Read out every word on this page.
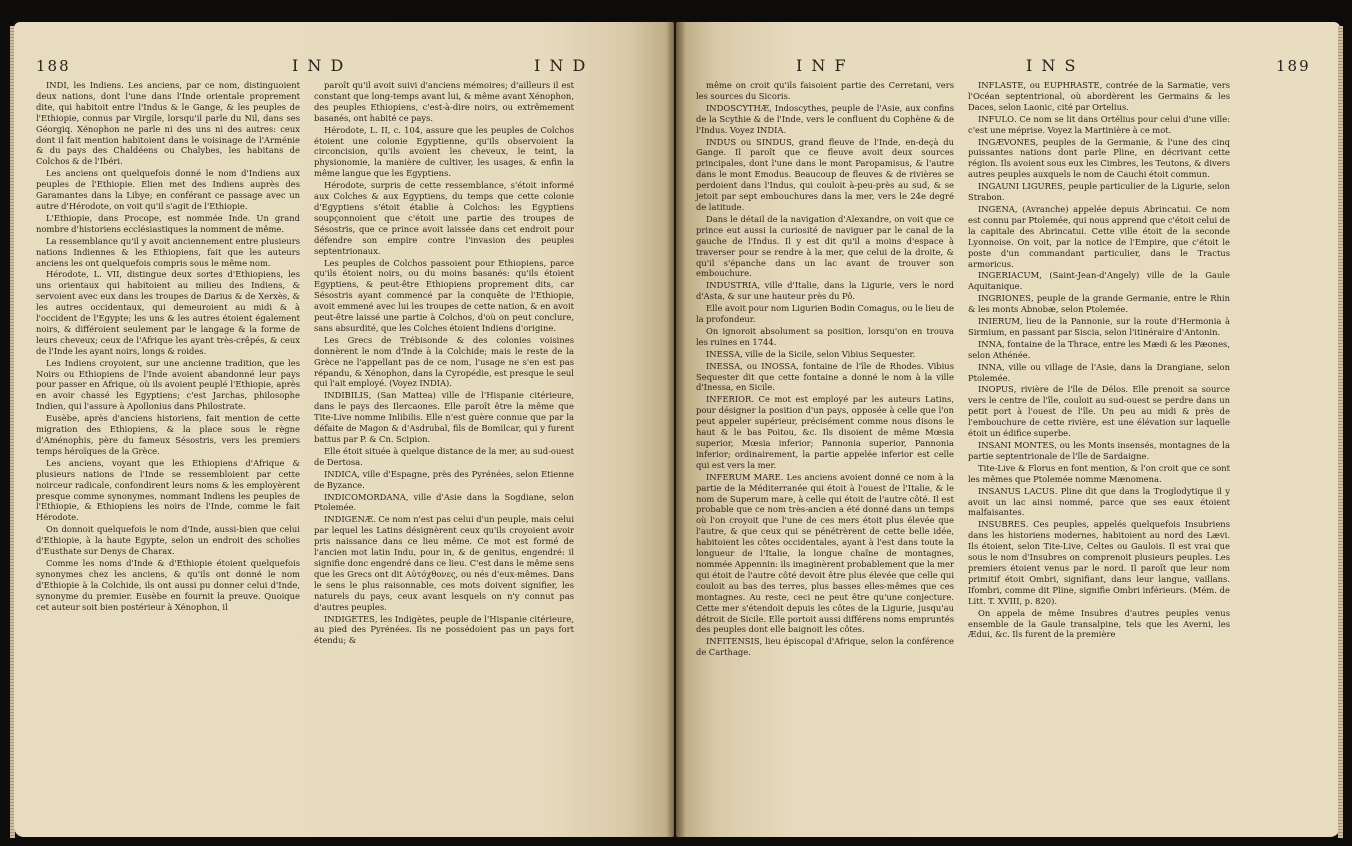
188	I N D	I N D

INDI, les Indiens. Les anciens, par ce nom, distinguoient deux nations, dont l'une dans l'Inde orientale proprement dite, qui habitoit entre l'Indus & le Gange, & les peuples de l'Ethiopie, connus par Virgile, lorsqu'il parle du Nil, dans ses Géorgiq. Xénophon ne parle ni des uns ni des autres: ceux dont il fait mention habitoient dans le voisinage de l'Arménie & du pays des Chaldéens ou Chalybes, les habitans de Colchos & de l'Ibéri.

Les anciens ont quelquefois donné le nom d'Indiens aux peuples de l'Ethiopie. Elien met des Indiens auprès des Garamantes dans la Libye; en conférant ce passage avec un autre d'Hérodote, on voit qu'il s'agit de l'Ethiopie.

L'Ethiopie, dans Procope, est nommée Inde. Un grand nombre d'historiens ecclésiastiques la nomment de même.

La ressemblance qu'il y avoit anciennement entre plusieurs nations Indiennes & les Ethiopiens, fait que les auteurs anciens les ont quelquefois compris sous le même nom.

Hérodote, L. VII, distingue deux sortes d'Ethiopiens, les uns orientaux qui habitoient au milieu des Indiens, & servoient avec eux dans les troupes de Darius & de Xerxès, & les autres occidentaux, qui demeuroient au midi & à l'occident de l'Egypte; les uns & les autres étoient également noirs, & différoient seulement par le langage & la forme de leurs cheveux; ceux de l'Afrique les ayant très-crêpés, & ceux de l'Inde les ayant noirs, longs & roides.

Les Indiens croyoient, sur une ancienne tradition, que les Noirs ou Ethiopiens de l'Inde avoient abandonné leur pays pour passer en Afrique, où ils avoient peuplé l'Ethiopie, après en avoir chassé les Egyptiens; c'est Jarchas, philosophe Indien, qui l'assure à Apollonius dans Philostrate.

Eusèbe, après d'anciens historiens, fait mention de cette migration des Ethiopiens, & la place sous le règne d'Aménophis, père du fameux Sésostris, vers les premiers temps héroïques de la Grèce.

Les anciens, voyant que les Ethiopiens d'Afrique & plusieurs nations de l'Inde se ressembloient par cette noirceur radicale, confondirent leurs noms & les employèrent presque comme synonymes, nommant Indiens les peuples de l'Ethiopie, & Ethiopiens les noirs de l'Inde, comme le fait Hérodote.

On donnoit quelquefois le nom d'Inde, aussi-bien que celui d'Ethiopie, à la haute Egypte, selon un endroit des scholies d'Eusthate sur Denys de Charax.

Comme les noms d'Inde & d'Ethiopie étoient quelquefois synonymes chez les anciens, & qu'ils ont donné le nom d'Ethiopie à la Colchide, ils ont aussi pu donner celui d'Inde, synonyme du premier. Eusèbe en fournit la preuve. Quoique cet auteur soit bien postérieur à Xénophon, il

paroît qu'il avoit suivi d'anciens mémoires; d'ailleurs il est constant que long-temps avant lui, & même avant Xénophon, des peuples Ethiopiens, c'est-à-dire noirs, ou extrêmement basanés, ont habité ce pays.

Hérodote, L. II, c. 104, assure que les peuples de Colchos étoient une colonie Egyptienne, qu'ils observoient la circoncision, qu'ils avoient les cheveux, le teint, la physionomie, la manière de cultiver, les usages, & enfin la même langue que les Egyptiens.

Hérodote, surpris de cette ressemblance, s'étoit informé aux Colches & aux Egyptiens, du temps que cette colonie d'Egyptiens s'étoit établie à Colchos: les Egyptiens soupçonnoient que c'étoit une partie des troupes de Sésostris, que ce prince avoit laissée dans cet endroit pour défendre son empire contre l'invasion des peuples septentrionaux.

Les peuples de Colchos passoient pour Ethiopiens, parce qu'ils étoient noirs, ou du moins basanés: qu'ils étoient Egyptiens, & peut-être Ethiopiens proprement dits, car Sésostris ayant commencé par la conquête de l'Ethiopie, avoit emmené avec lui les troupes de cette nation, & en avoit peut-être laissé une partie à Colchos, d'où on peut conclure, sans absurdité, que les Colches étoient Indiens d'origine.

Les Grecs de Trébisonde & des colonies voisines donnèrent le nom d'Inde à la Colchide; mais le reste de la Grèce ne l'appellant pas de ce nom, l'usage ne s'en est pas répandu, & Xénophon, dans la Cyropédie, est presque le seul qui l'ait employé. (Voyez INDIA).

INDIBILIS, (San Mattea) ville de l'Hispanie citérieure, dans le pays des Ilercaones. Elle paroît être la même que Tite-Live nomme Inlibilis. Elle n'est guère connue que par la défaite de Magon & d'Asdrubal, fils de Bomilcar, qui y furent battus par P. & Cn. Scipion.

Elle étoit située à quelque distance de la mer, au sud-ouest de Dertosa.

INDICA, ville d'Espagne, près des Pyrénées, selon Etienne de Byzance.

INDICOMORDANA, ville d'Asie dans la Sogdiane, selon Ptolemée.

INDIGENÆ. Ce nom n'est pas celui d'un peuple, mais celui par lequel les Latins désignèrent ceux qu'ils croyoient avoir pris naissance dans ce lieu même. Ce mot est formé de l'ancien mot latin Indu, pour in, & de genitus, engendré: il signifie donc engendré dans ce lieu. C'est dans le même sens que les Grecs ont dit Αὐτόχθονες, ou nés d'eux-mêmes. Dans le sens le plus raisonnable, ces mots doivent signifier, les naturels du pays, ceux avant lesquels on n'y connut pas d'autres peuples.

INDIGETES, les Indigètes, peuple de l'Hispanie citérieure, au pied des Pyrénées. Ils ne possédoient pas un pays fort étendu; &

I N F	I N S	189

même on croit qu'ils faisoient partie des Cerretani, vers les sources du Sicoris.

INDOSCYTHÆ, Indoscythes, peuple de l'Asie, aux confins de la Scythie & de l'Inde, vers le confluent du Cophène & de l'Indus. Voyez INDIA.

INDUS ou SINDUS, grand fleuve de l'Inde, en-deçà du Gange. Il paroît que ce fleuve avoit deux sources principales, dont l'une dans le mont Paropamisus, & l'autre dans le mont Emodus. Beaucoup de fleuves & de rivières se perdoient dans l'Indus, qui couloit à-peu-près au sud, & se jetoit par sept embouchures dans la mer, vers le 24e degré de latitude.

Dans le détail de la navigation d'Alexandre, on voit que ce prince eut aussi la curiosité de naviguer par le canal de la gauche de l'Indus. Il y est dit qu'il a moins d'espace à traverser pour se rendre à la mer, que celui de la droite, & qu'il s'épanche dans un lac avant de trouver son embouchure.

INDUSTRIA, ville d'Italie, dans la Ligurie, vers le nord d'Asta, & sur une hauteur près du Pô.

Elle avoit pour nom Ligurien Bodin Comagus, ou le lieu de la profondeur.

On ignoroit absolument sa position, lorsqu'on en trouva les ruines en 1744.

INESSA, ville de la Sicile, selon Vibius Sequester.

INESSA, ou INOSSA, fontaine de l'île de Rhodes. Vibius Sequester dit que cette fontaine a donné le nom à la ville d'Inessa, en Sicile.

INFERIOR. Ce mot est employé par les auteurs Latins, pour désigner la position d'un pays, opposée à celle que l'on peut appeler supérieur, précisément comme nous disons le haut & le bas Poitou, &c. Ils disoient de même Mœsia superior, Mœsia inferior; Pannonia superior, Pannonia inferior; ordinairement, la partie appelée inferior est celle qui est vers la mer.

INFERUM MARE. Les anciens avoient donné ce nom à la partie de la Méditerranée qui étoit à l'ouest de l'Italie, & le nom de Superum mare, à celle qui étoit de l'autre côté. Il est probable que ce nom très-ancien a été donné dans un temps où l'on croyoit que l'une de ces mers étoit plus élevée que l'autre, & que ceux qui se pénétrèrent de cette belle idée, habitoient les côtes occidentales, ayant à l'est dans toute la longueur de l'Italie, la longue chaîne de montagnes, nommée Appennin: ils imaginèrent probablement que la mer qui étoit de l'autre côté devoit être plus élevée que celle qui couloit au bas des terres, plus basses elles-mêmes que ces montagnes. Au reste, ceci ne peut être qu'une conjecture. Cette mer s'étendoit depuis les côtes de la Ligurie, jusqu'au détroit de Sicile. Elle portoit aussi différens noms empruntés des peuples dont elle baignoit les côtes.

INFITENSIS, lieu épiscopal d'Afrique, selon la conférence de Carthage.

INFLASTE, ou EUPHRASTE, contrée de la Sarmatie, vers l'Océan septentrional, où abordèrent les Germains & les Daces, selon Laonic, cité par Ortelius.

INFULO. Ce nom se lit dans Ortélius pour celui d'une ville: c'est une méprise. Voyez la Martinière à ce mot.

INGÆVONES, peuples de la Germanie, & l'une des cinq puissantes nations dont parle Pline, en décrivant cette région. Ils avoient sous eux les Cimbres, les Teutons, & divers autres peuples auxquels le nom de Cauchi étoit commun.

INGAUNI LIGURES, peuple particulier de la Ligurie, selon Strabon.

INGENA, (Avranche) appelée depuis Abrincatui. Ce nom est connu par Ptolemée, qui nous apprend que c'étoit celui de la capitale des Abrincatui. Cette ville étoit de la seconde Lyonnoise. On voit, par la notice de l'Empire, que c'étoit le poste d'un commandant particulier, dans le Tractus armoricus.

INGERIACUM, (Saint-Jean-d'Angely) ville de la Gaule Aquitanique.

INGRIONES, peuple de la grande Germanie, entre le Rhin & les monts Abnobæ, selon Ptolemée.

INIERUM, lieu de la Pannonie, sur la route d'Hermonia à Sirmium, en passant par Siscia, selon l'itinéraire d'Antonin.

INNA, fontaine de la Thrace, entre les Mædi & les Pæones, selon Athénée.

INNA, ville ou village de l'Asie, dans la Drangiane, selon Ptolemée.

INOPUS, rivière de l'île de Délos. Elle prenoit sa source vers le centre de l'île, couloit au sud-ouest se perdre dans un petit port à l'ouest de l'île. Un peu au midi & près de l'embouchure de cette rivière, est une élévation sur laquelle étoit un édifice superbe.

INSANI MONTES, ou les Monts insensés, montagnes de la partie septentrionale de l'île de Sardaigne.

Tite-Live & Florus en font mention, & l'on croit que ce sont les mêmes que Ptolemée nomme Mænomena.

INSANUS LACUS. Pline dit que dans la Troglodytique il y avoit un lac ainsi nommé, parce que ses eaux étoient malfaisantes.

INSUBRES. Ces peuples, appelés quelquefois Insubriens dans les historiens modernes, habitoient au nord des Lævi. Ils étoient, selon Tite-Live, Celtes ou Gaulois. Il est vrai que sous le nom d'Insubres on comprenoit plusieurs peuples. Les premiers étoient venus par le nord. Il paroît que leur nom primitif étoit Ombri, signifiant, dans leur langue, vaillans. Ifombri, comme dit Pline, signifie Ombri inférieurs. (Mém. de Litt. T. XVIII, p. 820).

On appela de même Insubres d'autres peuples venus ensemble de la Gaule transalpine, tels que les Averni, les Ædui, &c. Ils furent de la première
